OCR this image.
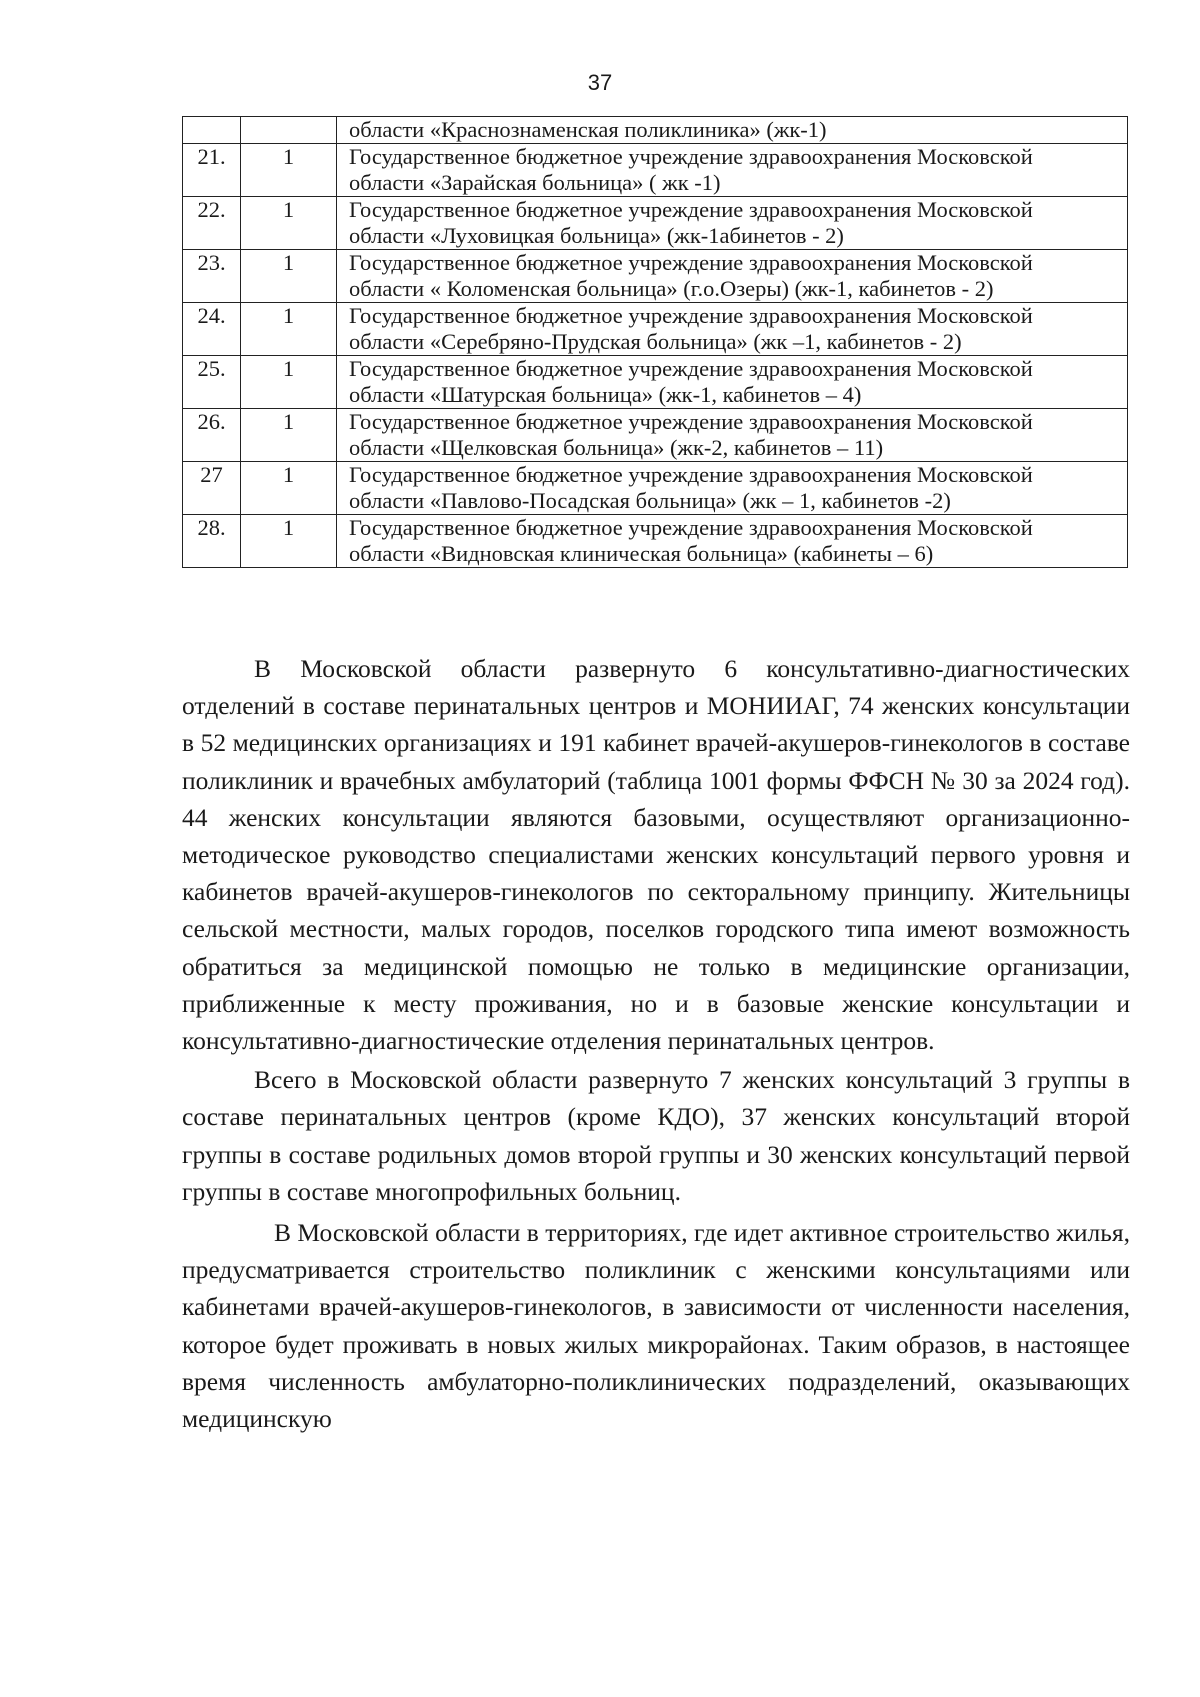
37

		области «Краснознаменская поликлиника» (жк-1)

21.	1	Государственное бюджетное учреждение здравоохранения Московской
области «Зарайская больница» ( жк -1)

22.	1	Государственное бюджетное учреждение здравоохранения Московской
области «Луховицкая больница» (жк-1абинетов - 2)

23.	1	Государственное бюджетное учреждение здравоохранения Московской
области « Коломенская больница» (г.о.Озеры) (жк-1, кабинетов - 2)

24.	1	Государственное бюджетное учреждение здравоохранения Московской
области «Серебряно-Прудская больница» (жк –1, кабинетов - 2)

25.	1	Государственное бюджетное учреждение здравоохранения Московской
области «Шатурская больница» (жк-1, кабинетов – 4)

26.	1	Государственное бюджетное учреждение здравоохранения Московской
области «Щелковская больница» (жк-2, кабинетов – 11)

27	1	Государственное бюджетное учреждение здравоохранения Московской
области «Павлово-Посадская больница» (жк – 1, кабинетов -2)

28.	1	Государственное бюджетное учреждение здравоохранения Московской
области «Видновская клиническая больница» (кабинеты – 6)

В Московской области развернуто 6 консультативно-диагностических отделений в составе перинатальных центров и МОНИИАГ, 74 женских консультации в 52 медицинских организациях и 191 кабинет врачей-акушеров-гинекологов в составе поликлиник и врачебных амбулаторий (таблица 1001 формы ФФСН № 30 за 2024 год). 44 женских консультации являются базовыми, осуществляют организационно-методическое руководство специалистами женских консультаций первого уровня и кабинетов врачей-акушеров-гинекологов по секторальному принципу. Жительницы сельской местности, малых городов, поселков городского типа имеют возможность обратиться за медицинской помощью не только в медицинские организации, приближенные к месту проживания, но и в базовые женские консультации и консультативно-диагностические отделения перинатальных центров.

Всего в Московской области развернуто 7 женских консультаций 3 группы в составе перинатальных центров (кроме КДО), 37 женских консультаций второй группы в составе родильных домов второй группы и 30 женских консультаций первой группы в составе многопрофильных больниц.

В Московской области в территориях, где идет активное строительство жилья, предусматривается строительство поликлиник с женскими консультациями или кабинетами врачей-акушеров-гинекологов, в зависимости от численности населения, которое будет проживать в новых жилых микрорайонах. Таким образов, в настоящее время численность амбулаторно-поликлинических подразделений, оказывающих медицинскую
